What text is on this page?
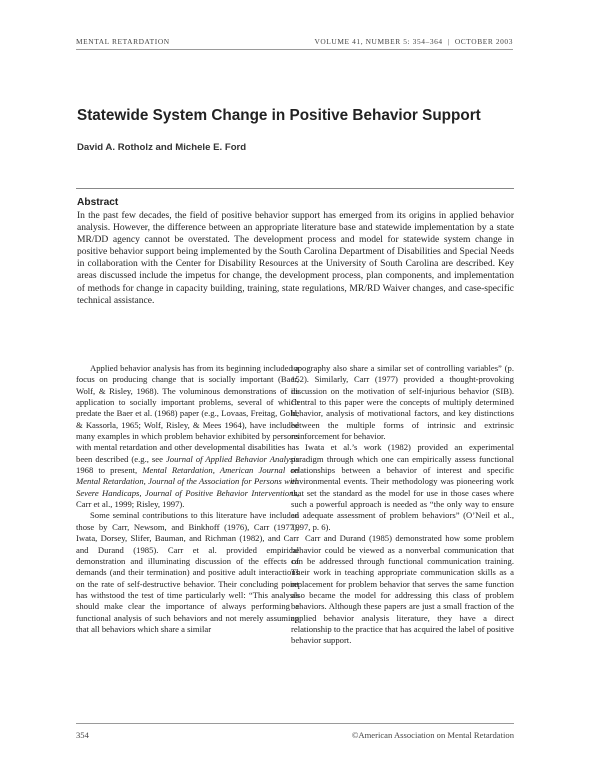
MENTAL RETARDATION	VOLUME 41, NUMBER 5: 354–364 | OCTOBER 2003
Statewide System Change in Positive Behavior Support

David A. Rotholz and Michele E. Ford

Abstract

In the past few decades, the field of positive behavior support has emerged from its origins in applied behavior analysis. However, the difference between an appropriate literature base and statewide implementation by a state MR/DD agency cannot be overstated. The development process and model for statewide system change in positive behavior support being implemented by the South Carolina Department of Disabilities and Special Needs in collaboration with the Center for Disability Resources at the University of South Carolina are described. Key areas discussed include the impetus for change, the development process, plan components, and implementation of methods for change in capacity building, training, state regulations, MR/RD Waiver changes, and case-specific technical assistance.

Applied behavior analysis has from its beginning included a focus on producing change that is socially important (Baer, Wolf, & Risley, 1968). The voluminous demonstrations of its application to socially important problems, several of which predate the Baer et al. (1968) paper (e.g., Lovaas, Freitag, Gold, & Kassorla, 1965; Wolf, Risley, & Mees 1964), have included many examples in which problem behavior exhibited by persons with mental retardation and other developmental disabilities has been described (e.g., see Journal of Applied Behavior Analysis 1968 to present, Mental Retardation, American Journal on Mental Retardation, Journal of the Association for Persons with Severe Handicaps, Journal of Positive Behavior Interventions, Carr et al., 1999; Risley, 1997).

Some seminal contributions to this literature have included those by Carr, Newsom, and Binkhoff (1976), Carr (1977), Iwata, Dorsey, Slifer, Bauman, and Richman (1982), and Carr and Durand (1985). Carr et al. provided empirical demonstration and illuminating discussion of the effects of demands (and their termination) and positive adult interactions on the rate of self-destructive behavior. Their concluding point has withstood the test of time particularly well: “This analysis should make clear the importance of always performing a functional analysis of such behaviors and not merely assuming that all behaviors which share a similar

topography also share a similar set of controlling variables” (p. 152). Similarly, Carr (1977) provided a thought-provoking discussion on the motivation of self-injurious behavior (SIB). Central to this paper were the concepts of multiply determined behavior, analysis of motivational factors, and key distinctions between the multiple forms of intrinsic and extrinsic reinforcement for behavior.

Iwata et al.’s work (1982) provided an experimental paradigm through which one can empirically assess functional relationships between a behavior of interest and specific environmental events. Their methodology was pioneering work that set the standard as the model for use in those cases where such a powerful approach is needed as “the only way to ensure an adequate assessment of problem behaviors” (O’Neil et al., 1997, p. 6).

Carr and Durand (1985) demonstrated how some problem behavior could be viewed as a nonverbal communication that can be addressed through functional communication training. Their work in teaching appropriate communication skills as a replacement for problem behavior that serves the same function also became the model for addressing this class of problem behaviors. Although these papers are just a small fraction of the applied behavior analysis literature, they have a direct relationship to the practice that has acquired the label of positive behavior support.

354	©American Association on Mental Retardation
